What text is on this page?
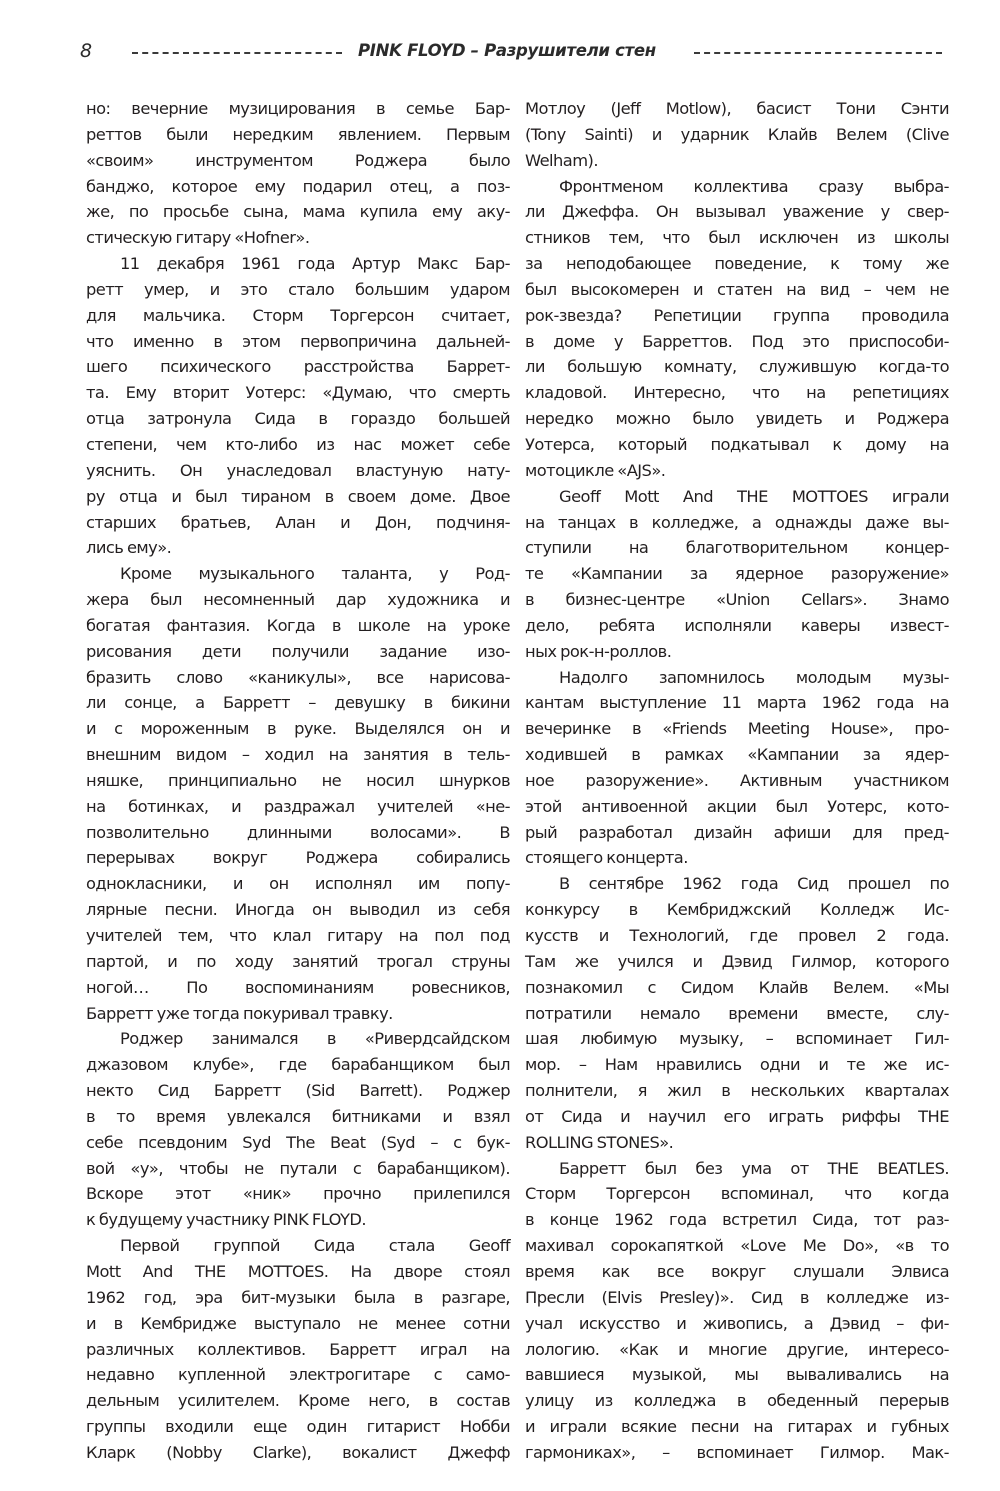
8	PINK FLOYD – Разрушители стен
но: вечерние музицирования в семье Бар-
реттов были нередким явлением. Первым
«своим» инструментом Роджера было
банджо, которое ему подарил отец, а поз-
же, по просьбе сына, мама купила ему аку-
стическую гитару «Hofner».
11 декабря 1961 года Артур Макс Бар-
ретт умер, и это стало большим ударом
для мальчика. Сторм Торгерсон считает,
что именно в этом первопричина дальней-
шего психического расстройства Баррет-
та. Ему вторит Уотерс: «Думаю, что смерть
отца затронула Сида в гораздо большей
степени, чем кто-либо из нас может себе
уяснить. Он унаследовал властуную нату-
ру отца и был тираном в своем доме. Двое
старших братьев, Алан и Дон, подчиня-
лись ему».
Кроме музыкального таланта, у Род-
жера был несомненный дар художника и
богатая фантазия. Когда в школе на уроке
рисования дети получили задание изо-
бразить слово «каникулы», все нарисова-
ли сонце, а Барретт – девушку в бикини
и с мороженным в руке. Выделялся он и
внешним видом – ходил на занятия в тель-
няшке, принципиально не носил шнурков
на ботинках, и раздражал учителей «не-
позволительно длинными волосами». В
перерывах вокруг Роджера собирались
однокласники, и он исполнял им попу-
лярные песни. Иногда он выводил из себя
учителей тем, что клал гитару на пол под
партой, и по ходу занятий трогал струны
ногой… По воспоминаниям ровесников,
Барретт уже тогда покуривал травку.
Роджер занимался в «Ривердсайдском
джазовом клубе», где барабанщиком был
некто Сид Барретт (Sid Barrett). Роджер
в то время увлекался битниками и взял
себе псевдоним Syd The Beat (Syd – с бук-
вой «у», чтобы не путали с барабанщиком).
Вскоре этот «ник» прочно прилепился
к будущему участнику PINK FLOYD.
Первой группой Сида стала Geoff
Mott And THE MOTTOES. На дворе стоял
1962 год, эра бит-музыки была в разгаре,
и в Кембридже выступало не менее сотни
различных коллективов. Барретт играл на
недавно купленной электрогитаре с само-
дельным усилителем. Кроме него, в состав
группы входили еще один гитарист Нобби
Кларк (Nobby Clarke), вокалист Джефф
Мотлоу (Jeff Motlow), басист Тони Сэнти
(Tony Sainti) и ударник Клайв Велем (Clive
Welham).
Фронтменом коллектива сразу выбра-
ли Джеффа. Он вызывал уважение у свер-
стников тем, что был исключен из школы
за неподобающее поведение, к тому же
был высокомерен и статен на вид – чем не
рок-звезда? Репетиции группа проводила
в доме у Барреттов. Под это приспособи-
ли большую комнату, служившую когда-то
кладовой. Интересно, что на репетициях
нередко можно было увидеть и Роджера
Уотерса, который подкатывал к дому на
мотоцикле «AJS».
Geoff Mott And THE MOTTOES играли
на танцах в колледже, а однажды даже вы-
ступили на благотворительном концер-
те «Кампании за ядерное разоружение»
в бизнес-центре «Union Cellars». Знамо
дело, ребята исполняли каверы извест-
ных рок-н-роллов.
Надолго запомнилось молодым музы-
кантам выступление 11 марта 1962 года на
вечеринке в «Friends Meeting House», про-
ходившей в рамках «Кампании за ядер-
ное разоружение». Активным участником
этой антивоенной акции был Уотерс, кото-
рый разработал дизайн афиши для пред-
стоящего концерта.
В сентябре 1962 года Сид прошел по
конкурсу в Кембриджский Колледж Ис-
кусств и Технологий, где провел 2 года.
Там же учился и Дэвид Гилмор, которого
познакомил с Сидом Клайв Велем. «Мы
потратили немало времени вместе, слу-
шая любимую музыку, – вспоминает Гил-
мор. – Нам нравились одни и те же ис-
полнители, я жил в нескольких кварталах
от Сида и научил его играть риффы THE
ROLLING STONES».
Барретт был без ума от THE BEATLES.
Сторм Торгерсон вспоминал, что когда
в конце 1962 года встретил Сида, тот раз-
махивал сорокапяткой «Love Me Do», «в то
время как все вокруг слушали Элвиса
Пресли (Elvis Presley)». Сид в колледже из-
учал искусство и живопись, а Дэвид – фи-
лологию. «Как и многие другие, интересо-
вавшиеся музыкой, мы вываливались на
улицу из колледжа в обеденный перерыв
и играли всякие песни на гитарах и губных
гармониках», – вспоминает Гилмор. Мак-
